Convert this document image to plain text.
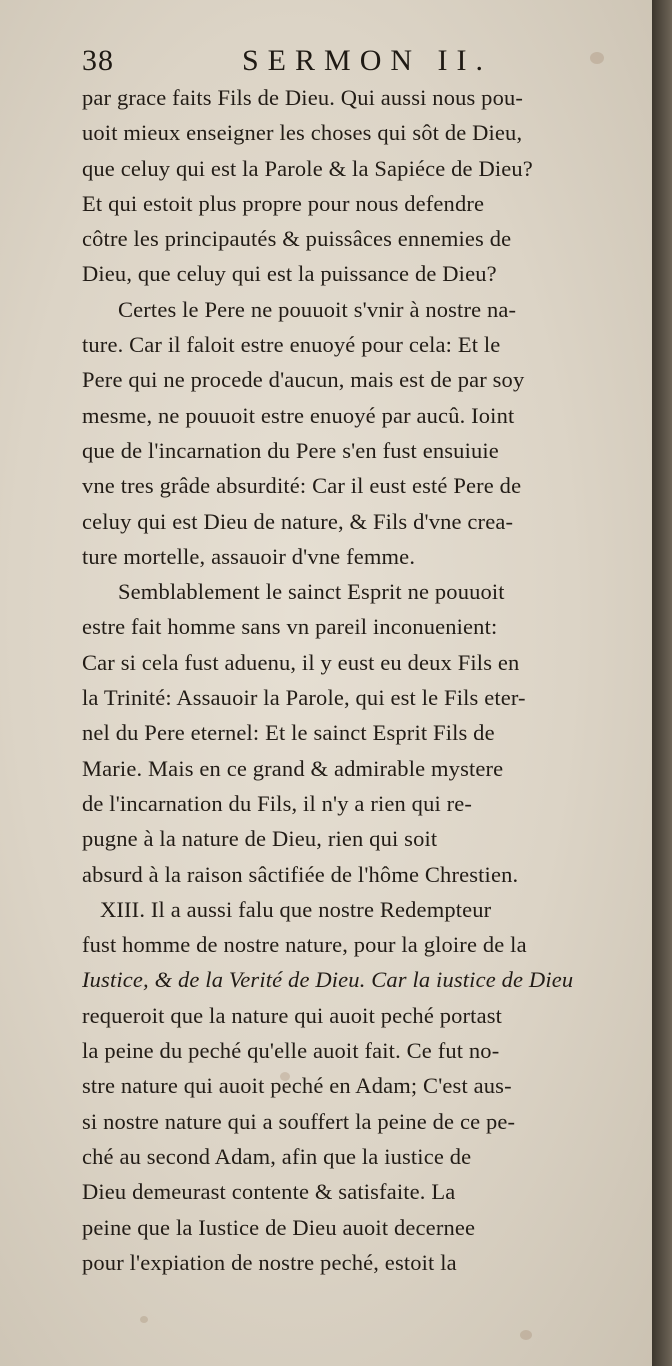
38	SERMON II.
par grace faits Fils de Dieu. Qui aussi nous pou-
uoit mieux enseigner les choses qui sôt de Dieu,
que celuy qui est la Parole & la Sapiéce de Dieu?
Et qui estoit plus propre pour nous defendre
côtre les principautés & puissâces ennemies de
Dieu, que celuy qui est la puissance de Dieu?
Certes le Pere ne pouuoit s'vnir à nostre na-
ture. Car il faloit estre enuoyé pour cela: Et le
Pere qui ne procede d'aucun, mais est de par soy
mesme, ne pouuoit estre enuoyé par aucû. Ioint
que de l'incarnation du Pere s'en fust ensuiuie
vne tres grâde absurdité: Car il eust esté Pere de
celuy qui est Dieu de nature, & Fils d'vne crea-
ture mortelle, assauoir d'vne femme.
Semblablement le sainct Esprit ne pouuoit
estre fait homme sans vn pareil inconuenient:
Car si cela fust aduenu, il y eust eu deux Fils en
la Trinité: Assauoir la Parole, qui est le Fils eter-
nel du Pere eternel: Et le sainct Esprit Fils de
Marie. Mais en ce grand & admirable mystere
de l'incarnation du Fils, il n'y a rien qui re-
pugne à la nature de Dieu, rien qui soit
absurd à la raison sâctifiée de l'hôme Chrestien.
XIII. Il a aussi falu que nostre Redempteur
fust homme de nostre nature, pour la gloire de la
Iustice, & de la Verité de Dieu. Car la iustice de Dieu
requeroit que la nature qui auoit peché portast
la peine du peché qu'elle auoit fait. Ce fut no-
stre nature qui auoit peché en Adam; C'est aus-
si nostre nature qui a souffert la peine de ce pe-
ché au second Adam, afin que la iustice de
Dieu demeurast contente & satisfaite. La
peine que la Iustice de Dieu auoit decernee
pour l'expiation de nostre peché, estoit la
